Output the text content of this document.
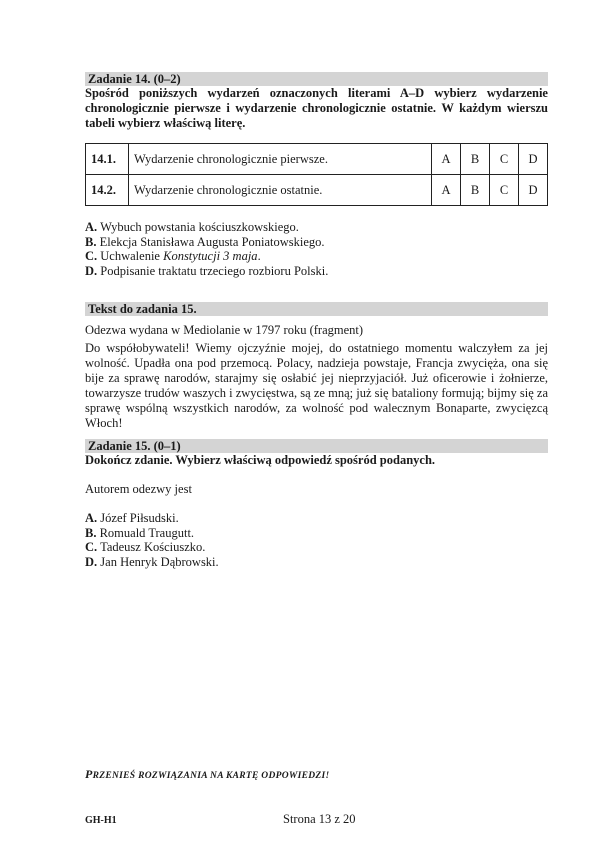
Zadanie 14. (0–2)
Spośród poniższych wydarzeń oznaczonych literami A–D wybierz wydarzenie chronologicznie pierwsze i wydarzenie chronologicznie ostatnie. W każdym wierszu tabeli wybierz właściwą literę.
14.1.	Wydarzenie chronologicznie pierwsze.	A	B	C	D
14.2.	Wydarzenie chronologicznie ostatnie.	A	B	C	D
A. Wybuch powstania kościuszkowskiego.
B. Elekcja Stanisława Augusta Poniatowskiego.
C. Uchwalenie Konstytucji 3 maja.
D. Podpisanie traktatu trzeciego rozbioru Polski.
Tekst do zadania 15.
Odezwa wydana w Mediolanie w 1797 roku (fragment)
Do współobywateli! Wiemy ojczyźnie mojej, do ostatniego momentu walczyłem za jej wolność. Upadła ona pod przemocą. Polacy, nadzieja powstaje, Francja zwycięża, ona się bije za sprawę narodów, starajmy się osłabić jej nieprzyjaciół. Już oficerowie i żołnierze, towarzysze trudów waszych i zwycięstwa, są ze mną; już się bataliony formują; bijmy się za sprawę wspólną wszystkich narodów, za wolność pod walecznym Bonaparte, zwycięzcą Włoch!
Zadanie 15. (0–1)
Dokończ zdanie. Wybierz właściwą odpowiedź spośród podanych.
Autorem odezwy jest
A. Józef Piłsudski.
B. Romuald Traugutt.
C. Tadeusz Kościuszko.
D. Jan Henryk Dąbrowski.
PRZENIEŚ ROZWIĄZANIA NA KARTĘ ODPOWIEDZI!
GH-H1	Strona 13 z 20
